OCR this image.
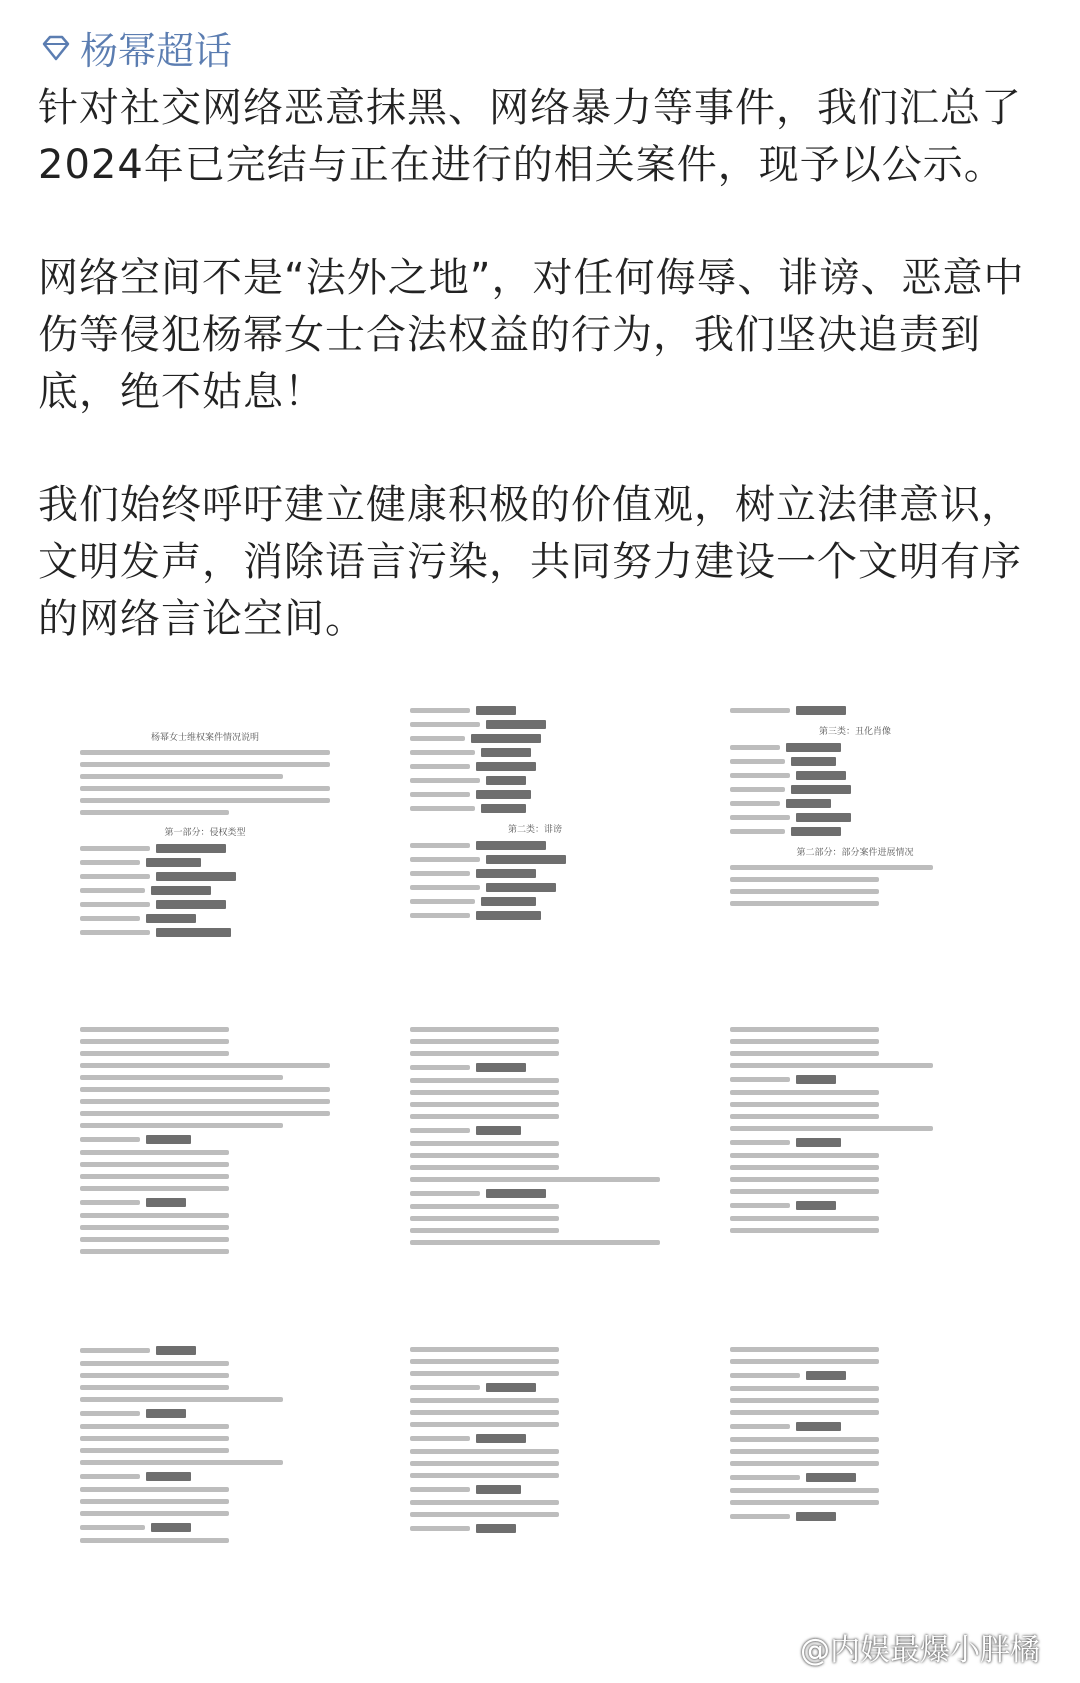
杨幂超话

针对社交网络恶意抹黑、网络暴力等事件，我们汇总了2024年已完结与正在进行的相关案件，现予以公示。

网络空间不是“法外之地”，对任何侮辱、诽谤、恶意中伤等侵犯杨幂女士合法权益的行为，我们坚决追责到底，绝不姑息！

我们始终呼吁建立健康积极的价值观，树立法律意识，文明发声，消除语言污染，共同努力建设一个文明有序的网络言论空间。

杨幂女士维权案件情况说明
第一部分：侵权类型	第二类：诽谤
第三类：丑化肖像
第二部分：部分案件进展情况
@内娱最爆小胖橘
